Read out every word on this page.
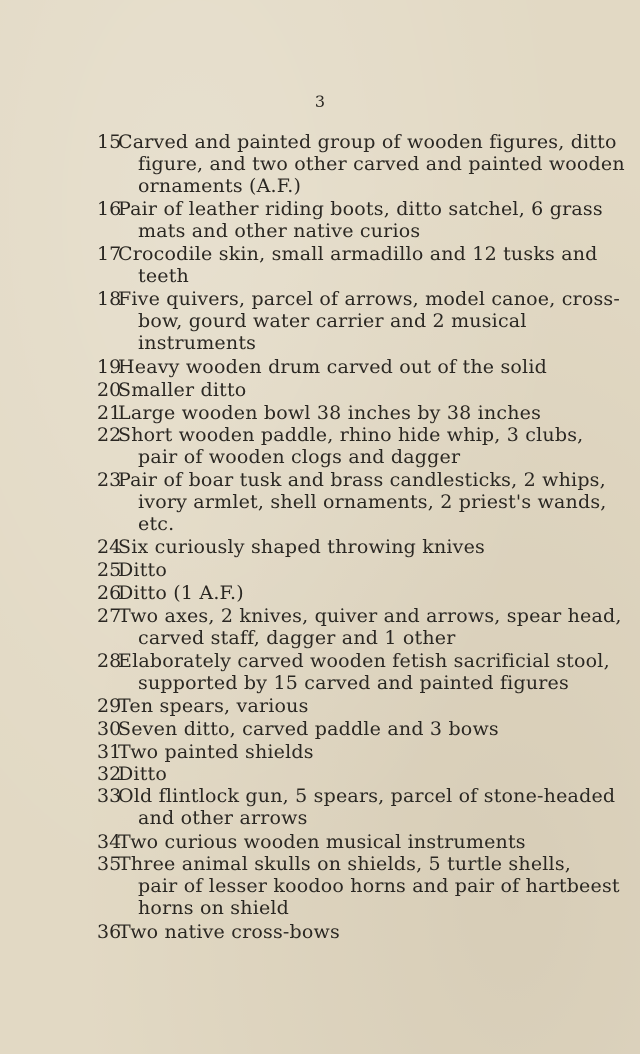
3
15
Carved and painted group of wooden figures, ditto
figure, and two other carved and painted wooden
ornaments (A.F.)
16
Pair of leather riding boots, ditto satchel, 6 grass
mats and other native curios
17
Crocodile skin, small armadillo and 12 tusks and
teeth
18
Five quivers, parcel of arrows, model canoe, cross-
bow, gourd water carrier and 2 musical
instruments
19
Heavy wooden drum carved out of the solid
20
Smaller ditto
21
Large wooden bowl 38 inches by 38 inches
22
Short wooden paddle, rhino hide whip, 3 clubs,
pair of wooden clogs and dagger
23
Pair of boar tusk and brass candlesticks, 2 whips,
ivory armlet, shell ornaments, 2 priest's wands,
etc.
24
Six curiously shaped throwing knives
25
Ditto
26
Ditto (1 A.F.)
27
Two axes, 2 knives, quiver and arrows, spear head,
carved staff, dagger and 1 other
28
Elaborately carved wooden fetish sacrificial stool,
supported by 15 carved and painted figures
29
Ten spears, various
30
Seven ditto, carved paddle and 3 bows
31
Two painted shields
32
Ditto
33
Old flintlock gun, 5 spears, parcel of stone-headed
and other arrows
34
Two curious wooden musical instruments
35
Three animal skulls on shields, 5 turtle shells,
pair of lesser koodoo horns and pair of hartbeest
horns on shield
36
Two native cross-bows
